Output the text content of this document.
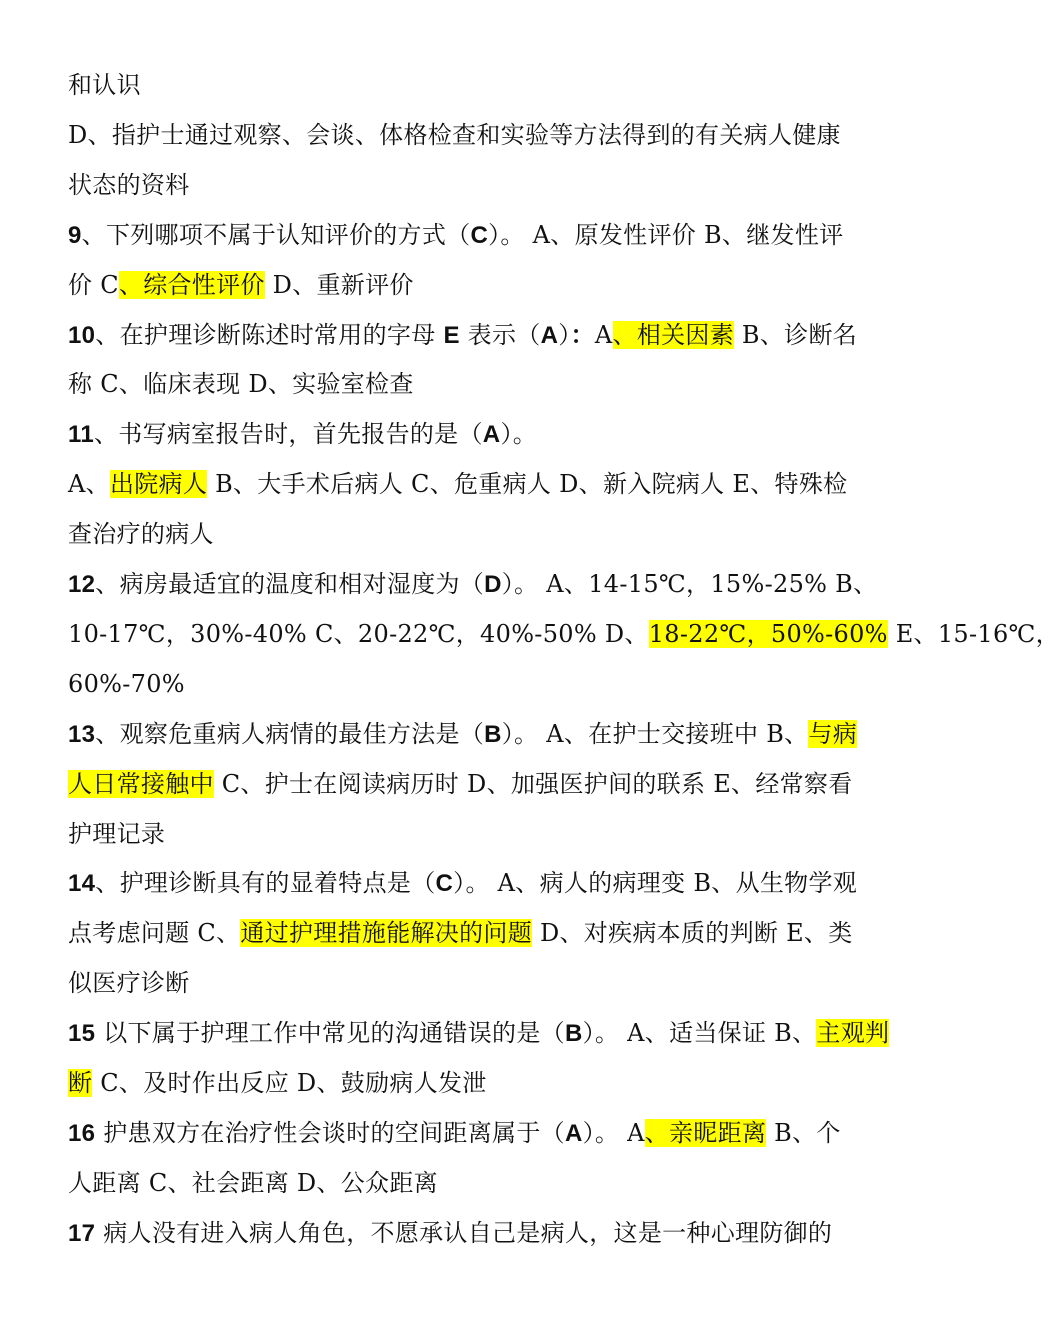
和认识
D、指护士通过观察、会谈、体格检查和实验等方法得到的有关病人健康
状态的资料
9、下列哪项不属于认知评价的方式（C）。 A、原发性评价 B、继发性评
价 C、综合性评价 D、重新评价
10、在护理诊断陈述时常用的字母 E 表示（A）：A、相关因素 B、诊断名
称 C、临床表现 D、实验室检查
11、书写病室报告时，首先报告的是（A）。
A、出院病人 B、大手术后病人 C、危重病人 D、新入院病人 E、特殊检
查治疗的病人
12、病房最适宜的温度和相对湿度为（D）。 A、14-15℃，15%-25% B、
10-17℃，30%-40% C、20-22℃，40%-50% D、18-22℃，50%-60% E、15-16℃，
60%-70%
13、观察危重病人病情的最佳方法是（B）。 A、在护士交接班中 B、与病
人日常接触中 C、护士在阅读病历时 D、加强医护间的联系 E、经常察看
护理记录
14、护理诊断具有的显着特点是（C）。 A、病人的病理变 B、从生物学观
点考虑问题 C、通过护理措施能解决的问题 D、对疾病本质的判断 E、类
似医疗诊断
15 以下属于护理工作中常见的沟通错误的是（B）。 A、适当保证 B、主观判
断 C、及时作出反应 D、鼓励病人发泄
16 护患双方在治疗性会谈时的空间距离属于（A）。 A、亲昵距离 B、个
人距离 C、社会距离 D、公众距离
17 病人没有进入病人角色，不愿承认自己是病人，这是一种心理防御的
